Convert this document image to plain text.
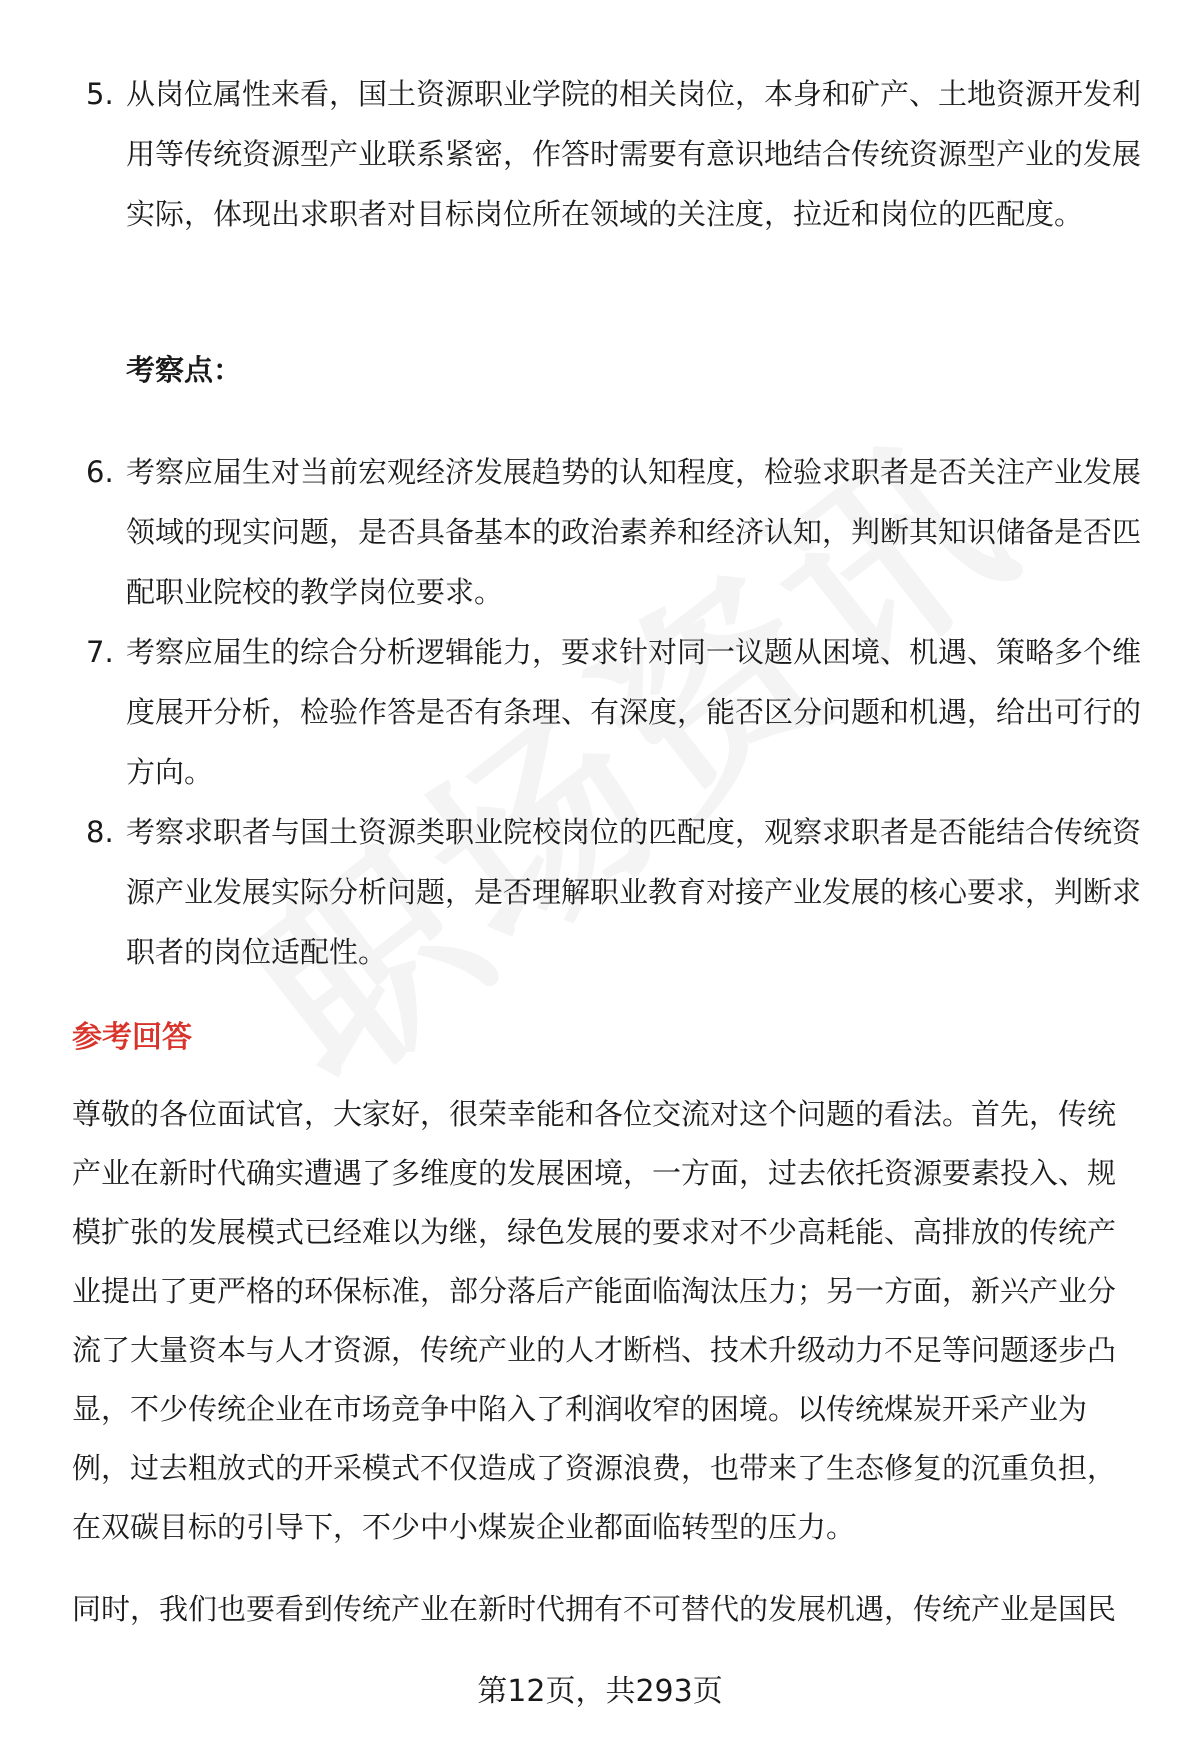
5. 从岗位属性来看，国土资源职业学院的相关岗位，本身和矿产、土地资源开发利用等传统资源型产业联系紧密，作答时需要有意识地结合传统资源型产业的发展实际，体现出求职者对目标岗位所在领域的关注度，拉近和岗位的匹配度。
考察点：
6. 考察应届生对当前宏观经济发展趋势的认知程度，检验求职者是否关注产业发展领域的现实问题，是否具备基本的政治素养和经济认知，判断其知识储备是否匹配职业院校的教学岗位要求。
7. 考察应届生的综合分析逻辑能力，要求针对同一议题从困境、机遇、策略多个维度展开分析，检验作答是否有条理、有深度，能否区分问题和机遇，给出可行的方向。
8. 考察求职者与国土资源类职业院校岗位的匹配度，观察求职者是否能结合传统资源产业发展实际分析问题，是否理解职业教育对接产业发展的核心要求，判断求职者的岗位适配性。
参考回答

尊敬的各位面试官，大家好，很荣幸能和各位交流对这个问题的看法。首先，传统产业在新时代确实遭遇了多维度的发展困境，一方面，过去依托资源要素投入、规模扩张的发展模式已经难以为继，绿色发展的要求对不少高耗能、高排放的传统产业提出了更严格的环保标准，部分落后产能面临淘汰压力；另一方面，新兴产业分流了大量资本与人才资源，传统产业的人才断档、技术升级动力不足等问题逐步凸显，不少传统企业在市场竞争中陷入了利润收窄的困境。以传统煤炭开采产业为例，过去粗放式的开采模式不仅造成了资源浪费，也带来了生态修复的沉重负担，在双碳目标的引导下，不少中小煤炭企业都面临转型的压力。

同时，我们也要看到传统产业在新时代拥有不可替代的发展机遇，传统产业是国民

第12页，共293页
